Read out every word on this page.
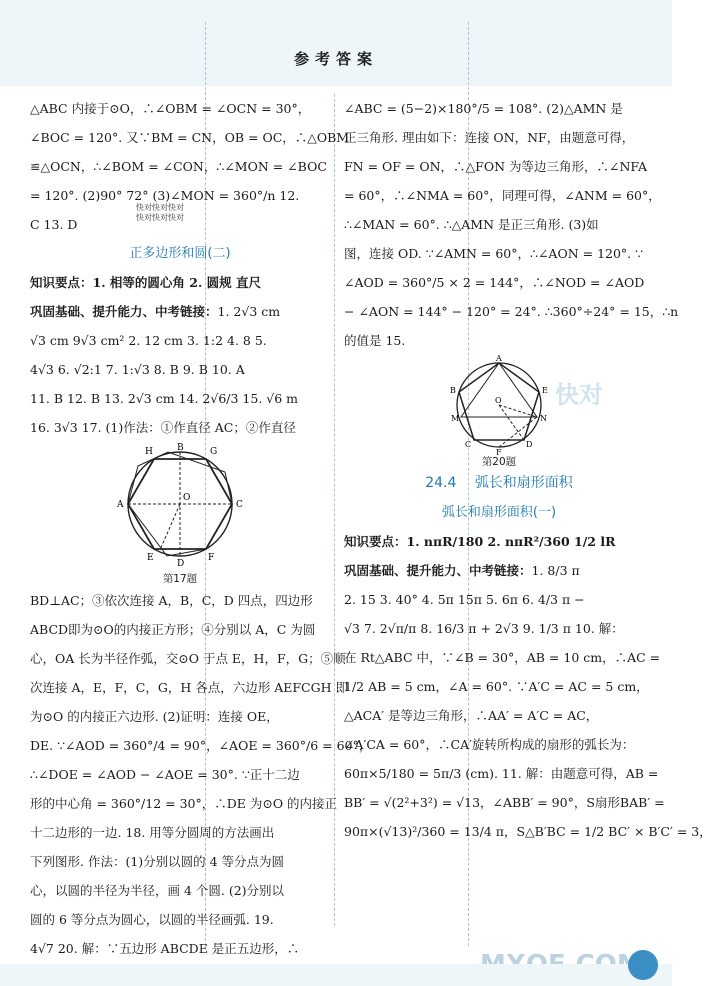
参考答案

△ABC 内接于⊙O，∴∠OBM = ∠OCN = 30°，

∠BOC = 120°. 又∵BM = CN，OB = OC，∴△OBM

≌△OCN，∴∠BOM = ∠CON，∴∠MON = ∠BOC

= 120°. (2)90° 72° (3)∠MON = 360°/n 12.

C 13. D

正多边形和圆(二)

知识要点：1. 相等的圆心角 2. 圆规 直尺

巩固基础、提升能力、中考链接：1. 2√3 cm

√3 cm 9√3 cm² 2. 12 cm 3. 1:2 4. 8 5.

4√3 6. √2:1 7. 1:√3 8. B 9. B 10. A

11. B 12. B 13. 2√3 cm 14. 2√6/3 15. √6 m

16. 3√3 17. (1)作法：①作直径 AC；②作直径

H	B	G
A
O
C
E
D
F

第17题

BD⊥AC；③依次连接 A，B，C，D 四点，四边形

ABCD即为⊙O的内接正方形；④分别以 A，C 为圆

心，OA 长为半径作弧，交⊙O 于点 E，H，F，G；⑤顺

次连接 A，E，F，C，G，H 各点，六边形 AEFCGH 即

为⊙O 的内接正六边形. (2)证明：连接 OE，

DE. ∵∠AOD = 360°/4 = 90°，∠AOE = 360°/6 = 60°，

∴∠DOE = ∠AOD − ∠AOE = 30°. ∵正十二边

形的中心角 = 360°/12 = 30°，∴DE 为⊙O 的内接正

十二边形的一边. 18. 用等分圆周的方法画出

下列图形. 作法：(1)分别以圆的 4 等分点为圆

心，以圆的半径为半径，画 4 个圆. (2)分别以

圆的 6 等分点为圆心，以圆的半径画弧. 19.

4√7 20. 解：∵五边形 ABCDE 是正五边形，∴

快对快对快对
快对快对快对

∠ABC = (5−2)×180°/5 = 108°. (2)△AMN 是

正三角形. 理由如下：连接 ON，NF，由题意可得，

FN = OF = ON，∴△FON 为等边三角形，∴∠NFA

= 60°，∴∠NMA = 60°，同理可得，∠ANM = 60°，

∴∠MAN = 60°. ∴△AMN 是正三角形. (3)如

图，连接 OD. ∵∠AMN = 60°，∴∠AON = 120°. ∵

∠AOD = 360°/5 × 2 = 144°，∴∠NOD = ∠AOD

− ∠AON = 144° − 120° = 24°. ∴360°÷24° = 15，∴n

的值是 15.

A
B	E
O
M	N
C
F
D

第20题

24.4 弧长和扇形面积

弧长和扇形面积(一)

知识要点：1. nπR/180 2. nπR²/360 1/2 lR

巩固基础、提升能力、中考链接：1. 8/3 π

2. 15 3. 40° 4. 5π 15π 5. 6π 6. 4/3 π −

√3 7. 2√π/π 8. 16/3 π + 2√3 9. 1/3 π 10. 解：

在 Rt△ABC 中，∵∠B = 30°，AB = 10 cm，∴AC =

1/2 AB = 5 cm，∠A = 60°. ∵A′C = AC = 5 cm，

△ACA′ 是等边三角形，∴AA′ = A′C = AC，

∠A′CA = 60°，∴CA′旋转所构成的扇形的弧长为：

60π×5/180 = 5π/3 (cm). 11. 解：由题意可得，AB =

BB′ = √(2²+3²) = √13，∠ABB′ = 90°，S扇形BAB′ =

90π×(√13)²/360 = 13/4 π，S△B′BC = 1/2 BC′ × B′C′ = 3，

快对
